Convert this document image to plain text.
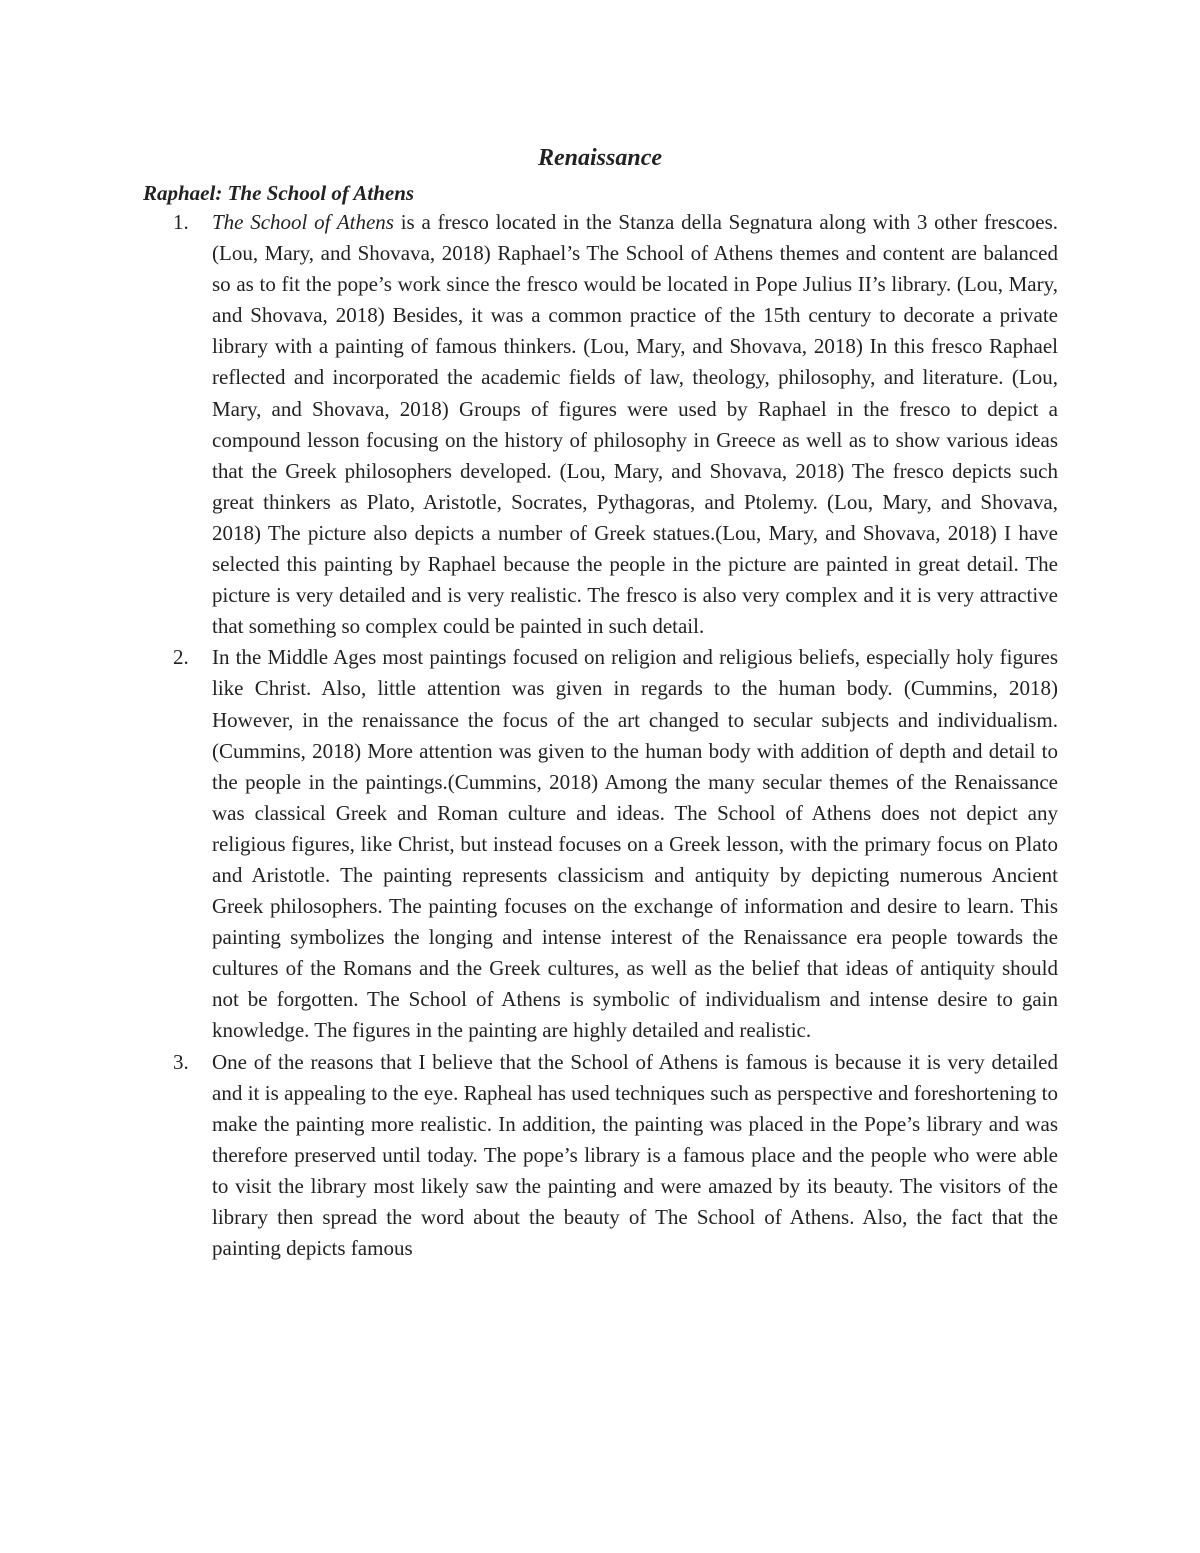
Renaissance
Raphael: The School of Athens
1. The School of Athens is a fresco located in the Stanza della Segnatura along with 3 other frescoes. (Lou, Mary, and Shovava, 2018) Raphael’s The School of Athens themes and content are balanced so as to fit the pope’s work since the fresco would be located in Pope Julius II’s library. (Lou, Mary, and Shovava, 2018) Besides, it was a common practice of the 15th century to decorate a private library with a painting of famous thinkers. (Lou, Mary, and Shovava, 2018) In this fresco Raphael reflected and incorporated the academic fields of law, theology, philosophy, and literature. (Lou, Mary, and Shovava, 2018) Groups of figures were used by Raphael in the fresco to depict a compound lesson focusing on the history of philosophy in Greece as well as to show various ideas that the Greek philosophers developed. (Lou, Mary, and Shovava, 2018) The fresco depicts such great thinkers as Plato, Aristotle, Socrates, Pythagoras, and Ptolemy. (Lou, Mary, and Shovava, 2018) The picture also depicts a number of Greek statues.(Lou, Mary, and Shovava, 2018) I have selected this painting by Raphael because the people in the picture are painted in great detail. The picture is very detailed and is very realistic. The fresco is also very complex and it is very attractive that something so complex could be painted in such detail.

2. In the Middle Ages most paintings focused on religion and religious beliefs, especially holy figures like Christ. Also, little attention was given in regards to the human body. (Cummins, 2018) However, in the renaissance the focus of the art changed to secular subjects and individualism.(Cummins, 2018) More attention was given to the human body with addition of depth and detail to the people in the paintings.(Cummins, 2018) Among the many secular themes of the Renaissance was classical Greek and Roman culture and ideas. The School of Athens does not depict any religious figures, like Christ, but instead focuses on a Greek lesson, with the primary focus on Plato and Aristotle. The painting represents classicism and antiquity by depicting numerous Ancient Greek philosophers. The painting focuses on the exchange of information and desire to learn. This painting symbolizes the longing and intense interest of the Renaissance era people towards the cultures of the Romans and the Greek cultures, as well as the belief that ideas of antiquity should not be forgotten. The School of Athens is symbolic of individualism and intense desire to gain knowledge. The figures in the painting are highly detailed and realistic.

3. One of the reasons that I believe that the School of Athens is famous is because it is very detailed and it is appealing to the eye. Rapheal has used techniques such as perspective and foreshortening to make the painting more realistic. In addition, the painting was placed in the Pope’s library and was therefore preserved until today. The pope’s library is a famous place and the people who were able to visit the library most likely saw the painting and were amazed by its beauty. The visitors of the library then spread the word about the beauty of The School of Athens. Also, the fact that the painting depicts famous
